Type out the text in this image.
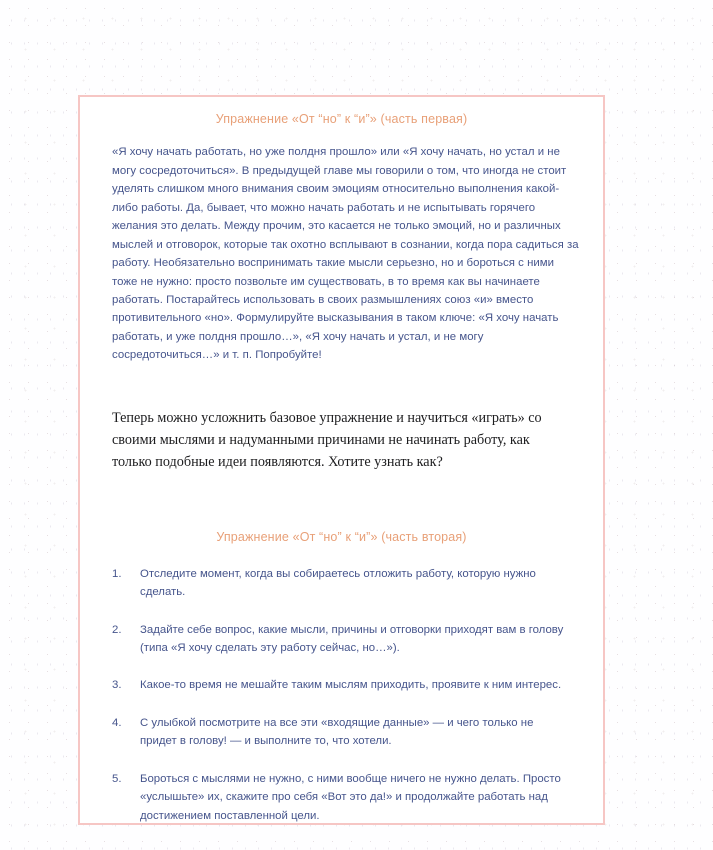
Упражнение «От “но” к “и”» (часть первая)

«Я хочу начать работать, но уже полдня прошло» или «Я хочу начать, но устал и не могу сосредоточиться». В предыдущей главе мы говорили о том, что иногда не стоит уделять слишком много внимания своим эмоциям относительно выполнения какой-либо работы. Да, бывает, что можно начать работать и не испытывать горячего желания это делать. Между прочим, это касается не только эмоций, но и различных мыслей и отговорок, которые так охотно всплывают в сознании, когда пора садиться за работу. Необязательно воспринимать такие мысли серьезно, но и бороться с ними тоже не нужно: просто позвольте им существовать, в то время как вы начинаете работать. Постарайтесь использовать в своих размышлениях союз «и» вместо противительного «но». Формулируйте высказывания в таком ключе: «Я хочу начать работать, и уже полдня прошло…», «Я хочу начать и устал, и не могу сосредоточиться…» и т. п. Попробуйте!

Теперь можно усложнить базовое упражнение и научиться «играть» со своими мыслями и надуманными причинами не начинать работу, как только подобные идеи появляются. Хотите узнать как?

Упражнение «От “но” к “и”» (часть вторая)
1.	Отследите момент, когда вы собираетесь отложить работу, которую нужно сделать.
2.	Задайте себе вопрос, какие мысли, причины и отговорки приходят вам в голову (типа «Я хочу сделать эту работу сейчас, но…»).
3.	Какое-то время не мешайте таким мыслям приходить, проявите к ним интерес.
4.	С улыбкой посмотрите на все эти «входящие данные» — и чего только не придет в голову! — и выполните то, что хотели.
5.	Бороться с мыслями не нужно, с ними вообще ничего не нужно делать. Просто «услышьте» их, скажите про себя «Вот это да!» и продолжайте работать над достижением поставленной цели.
